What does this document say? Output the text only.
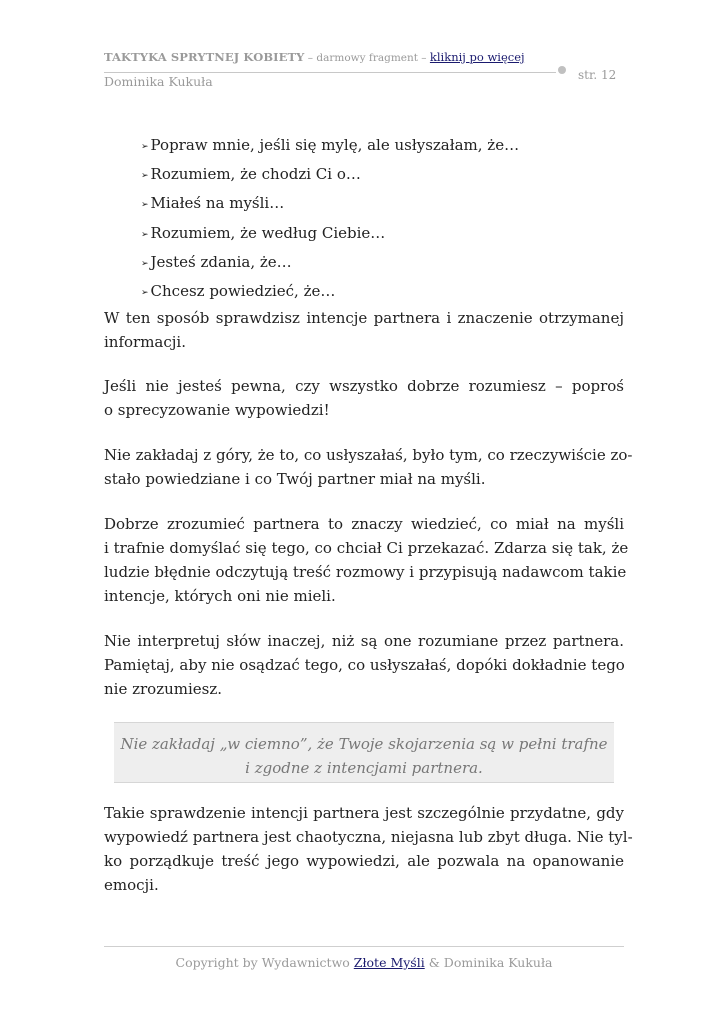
TAKTYKA SPRYTNEJ KOBIETY – darmowy fragment – kliknij po więcej
Dominika Kukuła	str. 12
➢ Popraw mnie, jeśli się mylę, ale usłyszałam, że…
➢ Rozumiem, że chodzi Ci o…
➢ Miałeś na myśli…
➢ Rozumiem, że według Ciebie…
➢ Jesteś zdania, że…
➢ Chcesz powiedzieć, że…
W ten sposób sprawdzisz intencje partnera i znaczenie otrzymanej
informacji.
Jeśli nie jesteś pewna, czy wszystko dobrze rozumiesz – poproś
o sprecyzowanie wypowiedzi!
Nie zakładaj z góry, że to, co usłyszałaś, było tym, co rzeczywiście zo-
stało powiedziane i co Twój partner miał na myśli.
Dobrze zrozumieć partnera to znaczy wiedzieć, co miał na myśli
i trafnie domyślać się tego, co chciał Ci przekazać. Zdarza się tak, że
ludzie błędnie odczytują treść rozmowy i przypisują nadawcom takie
intencje, których oni nie mieli.
Nie interpretuj słów inaczej, niż są one rozumiane przez partnera.
Pamiętaj, aby nie osądzać tego, co usłyszałaś, dopóki dokładnie tego
nie zrozumiesz.
Nie zakładaj „w ciemno”, że Twoje skojarzenia są w pełni trafne
i zgodne z intencjami partnera.
Takie sprawdzenie intencji partnera jest szczególnie przydatne, gdy
wypowiedź partnera jest chaotyczna, niejasna lub zbyt długa. Nie tyl-
ko porządkuje treść jego wypowiedzi, ale pozwala na opanowanie
emocji.
Copyright by Wydawnictwo Złote Myśli & Dominika Kukuła
